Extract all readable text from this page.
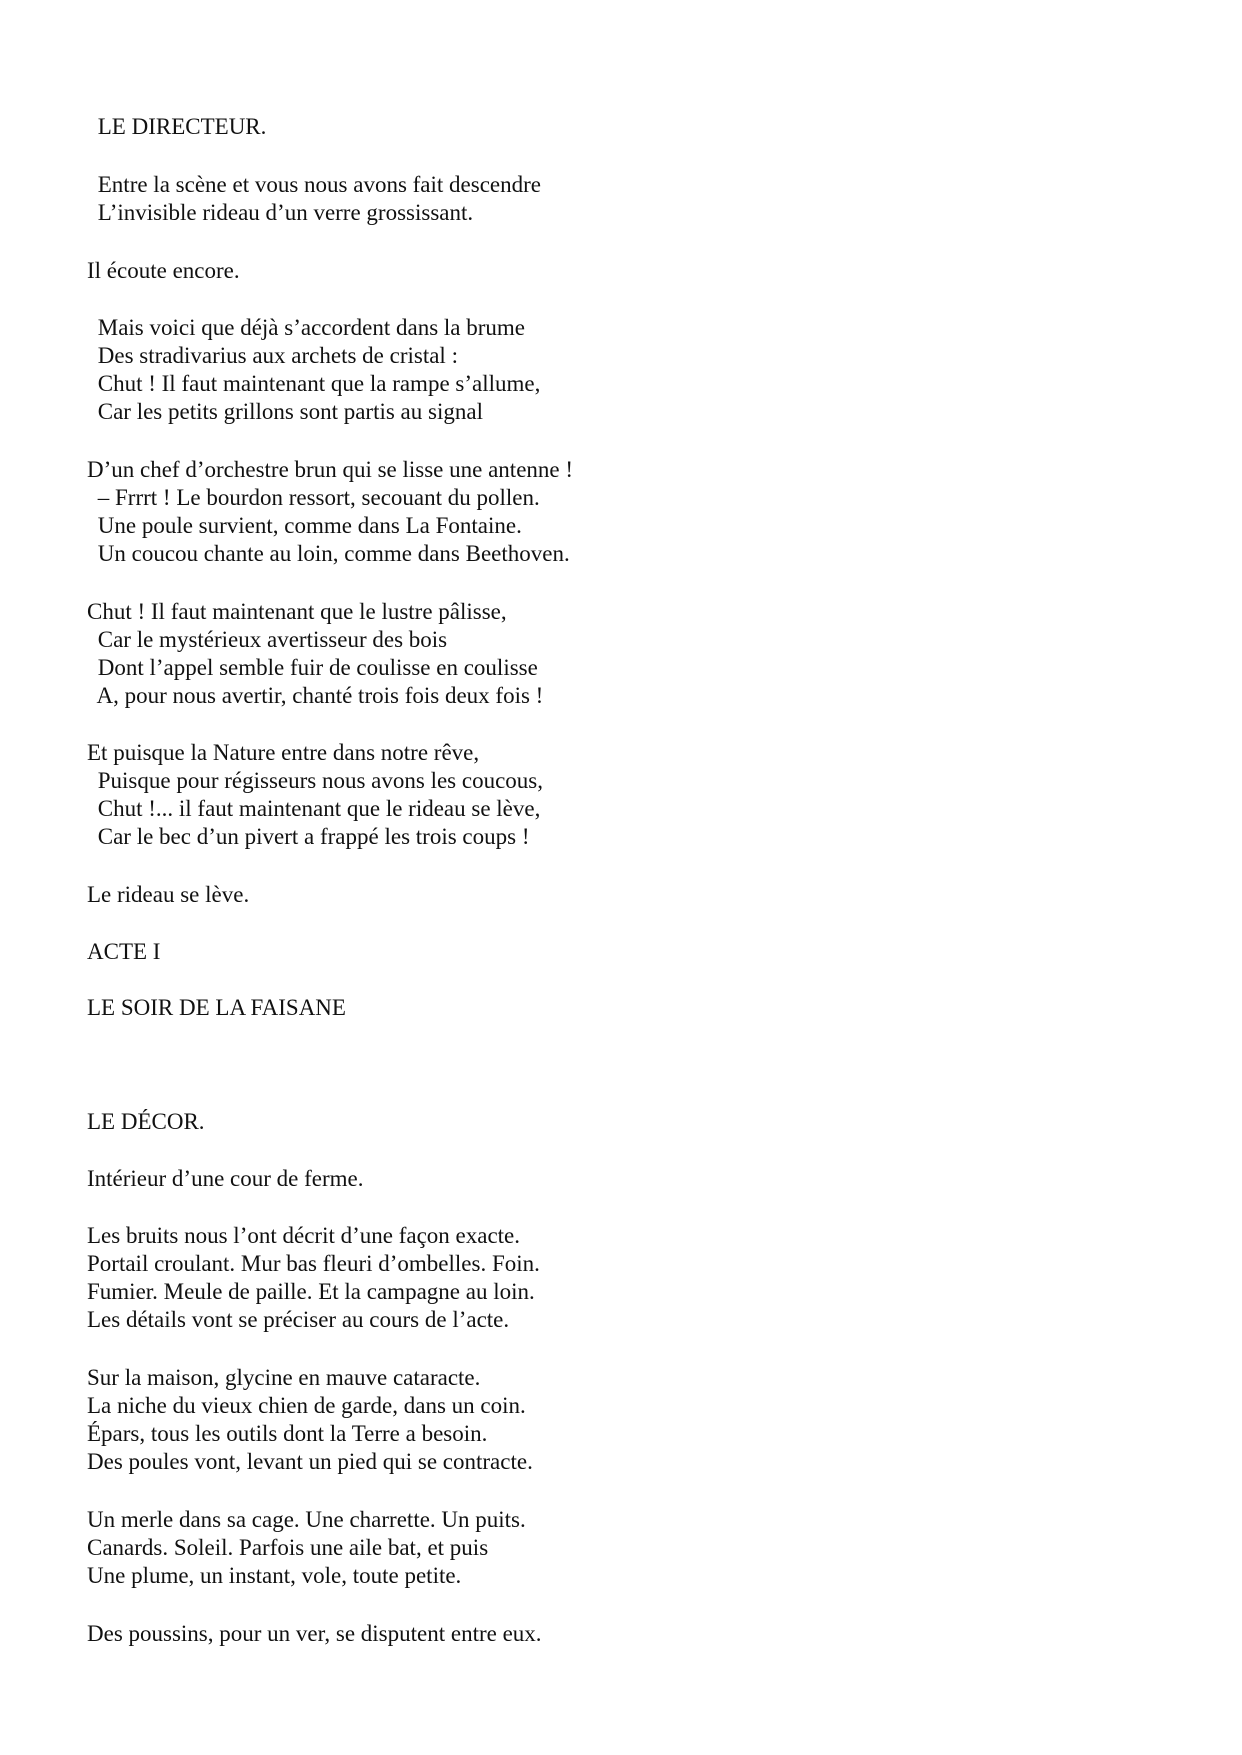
LE DIRECTEUR.

Entre la scène et vous nous avons fait descendre

L’invisible rideau d’un verre grossissant.

Il écoute encore.

Mais voici que déjà s’accordent dans la brume

Des stradivarius aux archets de cristal :

Chut ! Il faut maintenant que la rampe s’allume,

Car les petits grillons sont partis au signal

D’un chef d’orchestre brun qui se lisse une antenne !

– Frrrt ! Le bourdon ressort, secouant du pollen.

Une poule survient, comme dans La Fontaine.

Un coucou chante au loin, comme dans Beethoven.

Chut ! Il faut maintenant que le lustre pâlisse,

Car le mystérieux avertisseur des bois

Dont l’appel semble fuir de coulisse en coulisse

A, pour nous avertir, chanté trois fois deux fois !

Et puisque la Nature entre dans notre rêve,

Puisque pour régisseurs nous avons les coucous,

Chut !... il faut maintenant que le rideau se lève,

Car le bec d’un pivert a frappé les trois coups !

Le rideau se lève.

ACTE I

LE SOIR DE LA FAISANE

LE DÉCOR.

Intérieur d’une cour de ferme.

Les bruits nous l’ont décrit d’une façon exacte.

Portail croulant. Mur bas fleuri d’ombelles. Foin.

Fumier. Meule de paille. Et la campagne au loin.

Les détails vont se préciser au cours de l’acte.

Sur la maison, glycine en mauve cataracte.

La niche du vieux chien de garde, dans un coin.

Épars, tous les outils dont la Terre a besoin.

Des poules vont, levant un pied qui se contracte.

Un merle dans sa cage. Une charrette. Un puits.

Canards. Soleil. Parfois une aile bat, et puis

Une plume, un instant, vole, toute petite.

Des poussins, pour un ver, se disputent entre eux.
